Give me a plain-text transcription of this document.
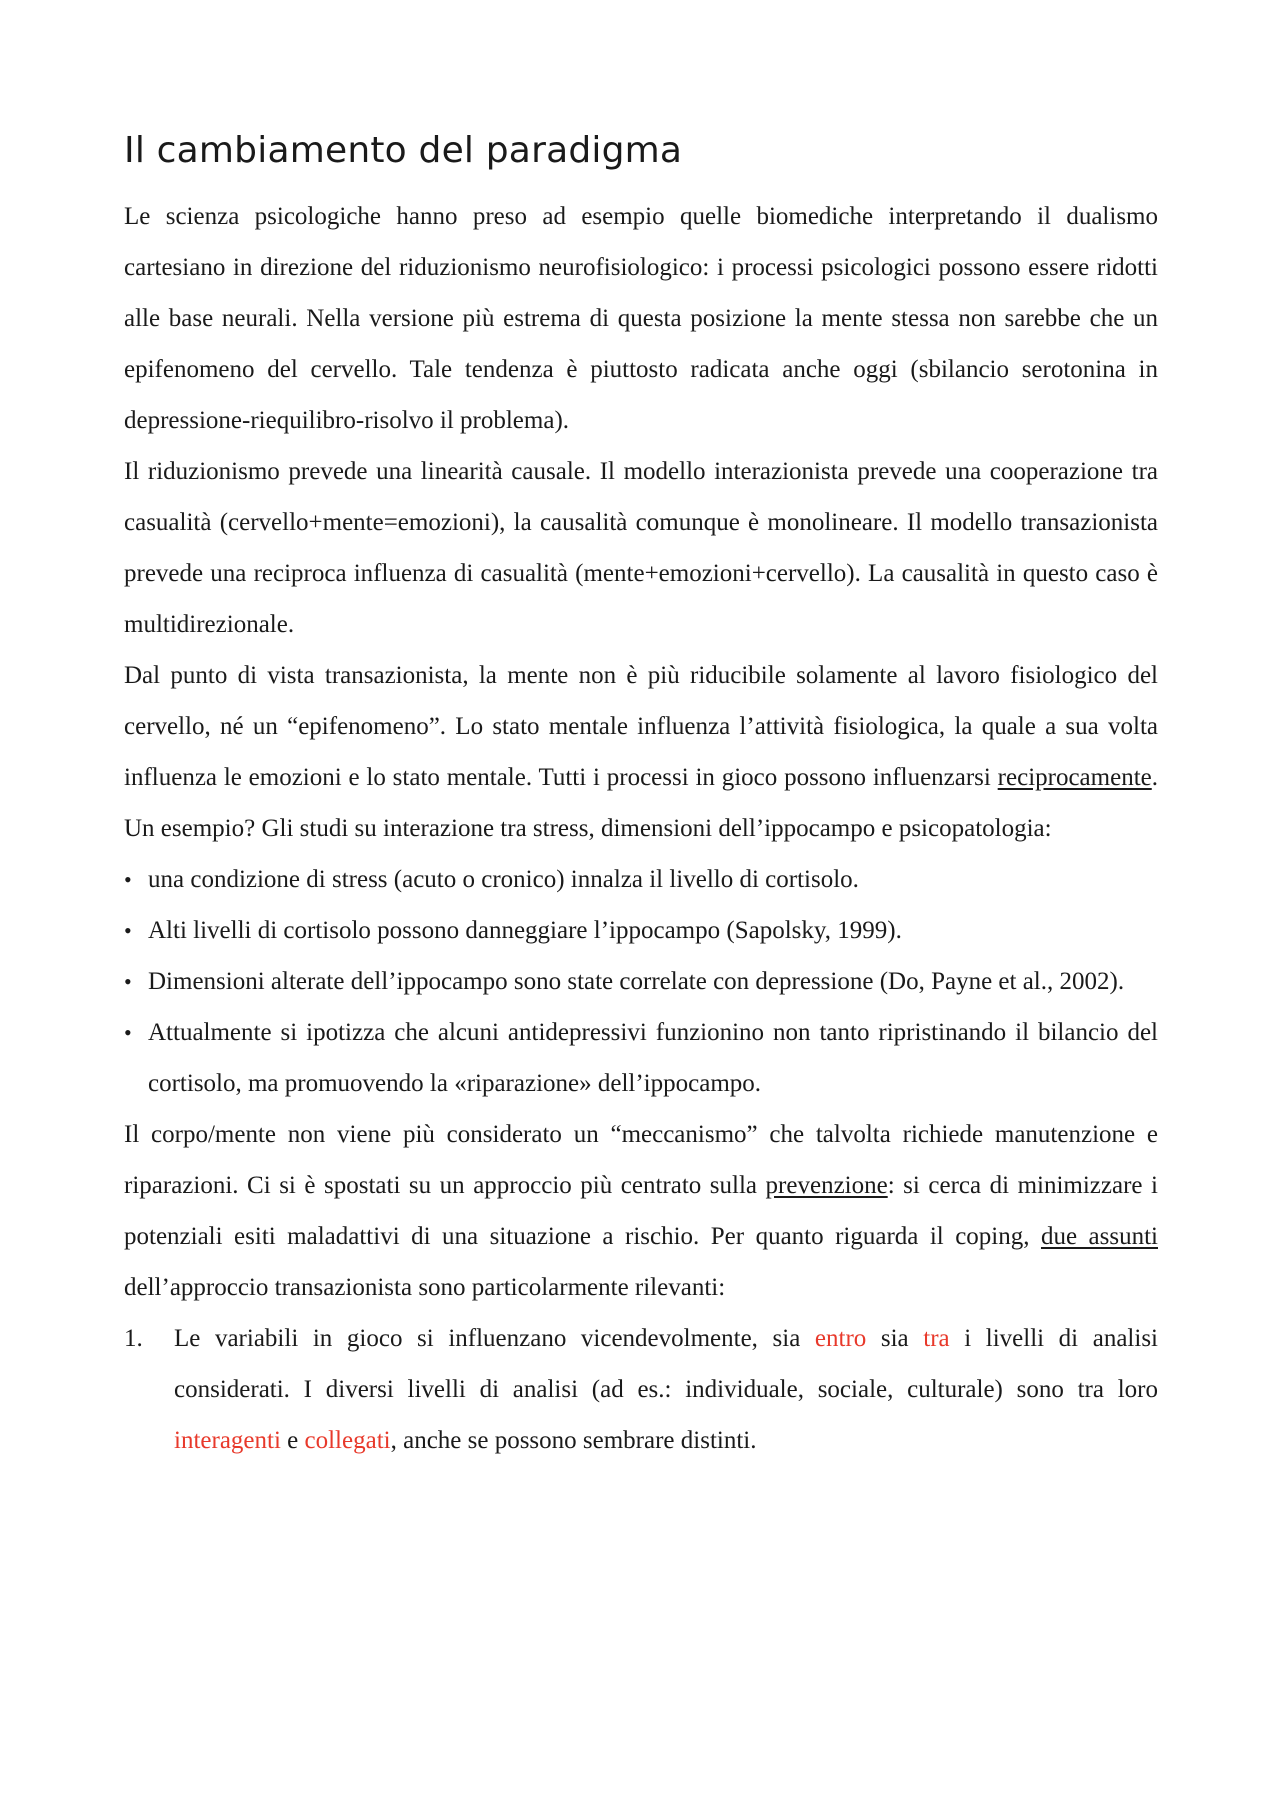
Il cambiamento del paradigma

Le scienza psicologiche hanno preso ad esempio quelle biomediche interpretando il dualismo cartesiano in direzione del riduzionismo neurofisiologico: i processi psicologici possono essere ridotti alle base neurali. Nella versione più estrema di questa posizione la mente stessa non sarebbe che un epifenomeno del cervello. Tale tendenza è piuttosto radicata anche oggi (sbilancio serotonina in depressione-riequilibro-risolvo il problema).

Il riduzionismo prevede una linearità causale. Il modello interazionista prevede una cooperazione tra casualità (cervello+mente=emozioni), la causalità comunque è monolineare. Il modello transazionista prevede una reciproca influenza di casualità (mente+emozioni+cervello). La causalità in questo caso è multidirezionale.

Dal punto di vista transazionista, la mente non è più riducibile solamente al lavoro fisiologico del cervello, né un “epifenomeno”. Lo stato mentale influenza l’attività fisiologica, la quale a sua volta influenza le emozioni e lo stato mentale. Tutti i processi in gioco possono influenzarsi reciprocamente. Un esempio? Gli studi su interazione tra stress, dimensioni dell’ippocampo e psicopatologia:

• una condizione di stress (acuto o cronico) innalza il livello di cortisolo.
• Alti livelli di cortisolo possono danneggiare l’ippocampo (Sapolsky, 1999).
• Dimensioni alterate dell’ippocampo sono state correlate con depressione (Do, Payne et al., 2002).
• Attualmente si ipotizza che alcuni antidepressivi funzionino non tanto ripristinando il bilancio del cortisolo, ma promuovendo la «riparazione» dell’ippocampo.

Il corpo/mente non viene più considerato un “meccanismo” che talvolta richiede manutenzione e riparazioni. Ci si è spostati su un approccio più centrato sulla prevenzione: si cerca di minimizzare i potenziali esiti maladattivi di una situazione a rischio. Per quanto riguarda il coping, due assunti dell’approccio transazionista sono particolarmente rilevanti:

1. Le variabili in gioco si influenzano vicendevolmente, sia entro sia tra i livelli di analisi considerati. I diversi livelli di analisi (ad es.: individuale, sociale, culturale) sono tra loro interagenti e collegati, anche se possono sembrare distinti.
